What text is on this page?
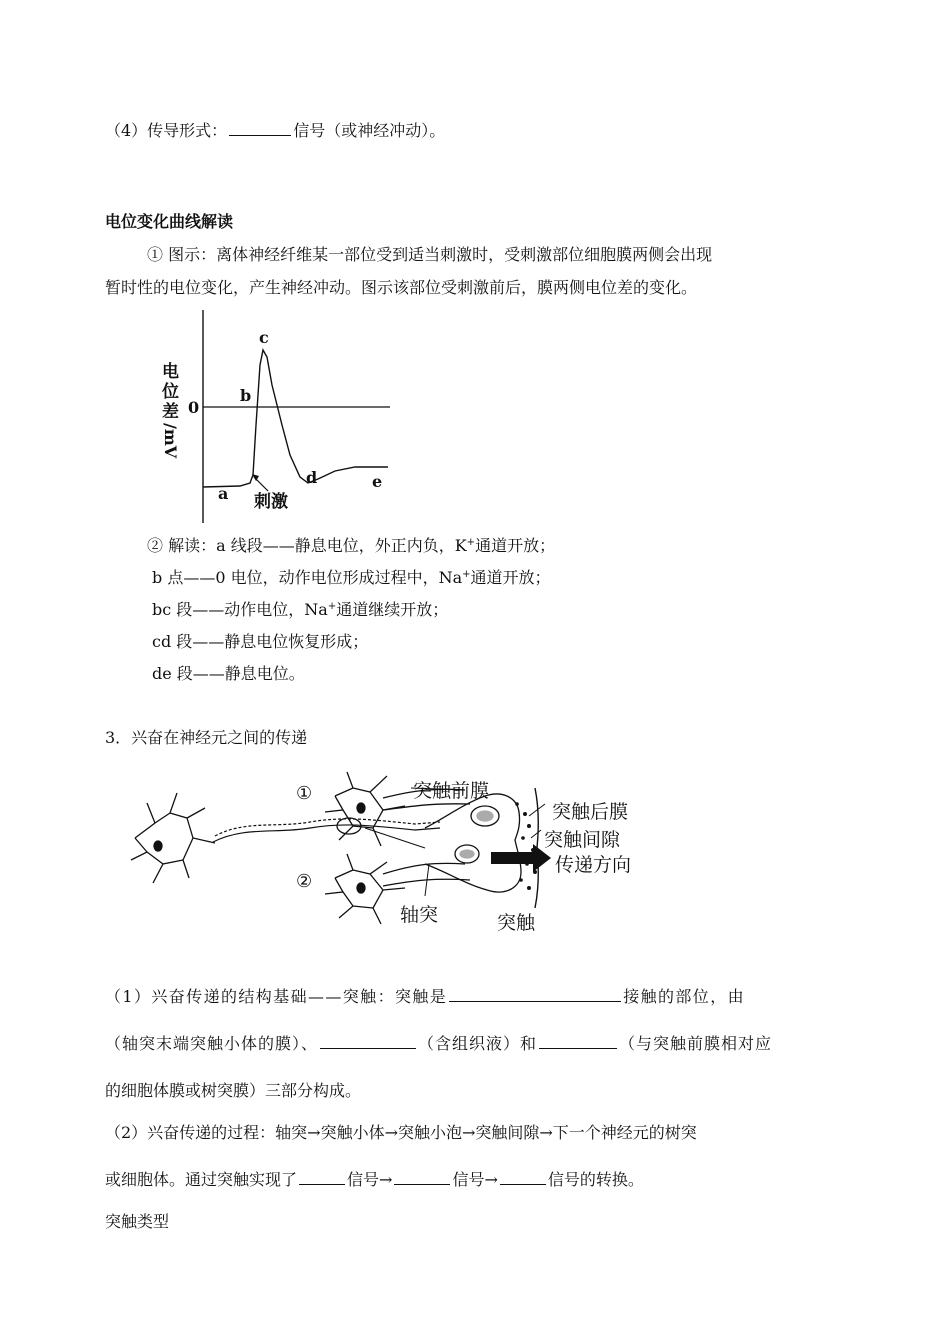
（4）传导形式：	信号（或神经冲动）。
电位变化曲线解读
① 图示：离体神经纤维某一部位受到适当刺激时，受刺激部位细胞膜两侧会出现
暂时性的电位变化，产生神经冲动。图示该部位受刺激前后，膜两侧电位差的变化。
电
位
差
/mV
0
a
b
c
d	e
刺激
② 解读：a 线段——静息电位，外正内负，K+通道开放；
b 点——0 电位，动作电位形成过程中，Na+通道开放；
bc 段——动作电位，Na+通道继续开放；
cd 段——静息电位恢复形成；
de 段——静息电位。
3．兴奋在神经元之间的传递
①
②
突触前膜
突触后膜
突触间隙
传递方向
轴突	突触
（1）兴奋传递的结构基础——突触：突触是	接触的部位，由
（轴突末端突触小体的膜）、	（含组织液）和	（与突触前膜相对应
的细胞体膜或树突膜）三部分构成。
（2）兴奋传递的过程：轴突→突触小体→突触小泡→突触间隙→下一个神经元的树突
或细胞体。通过突触实现了	信号→	信号→	信号的转换。
突触类型
